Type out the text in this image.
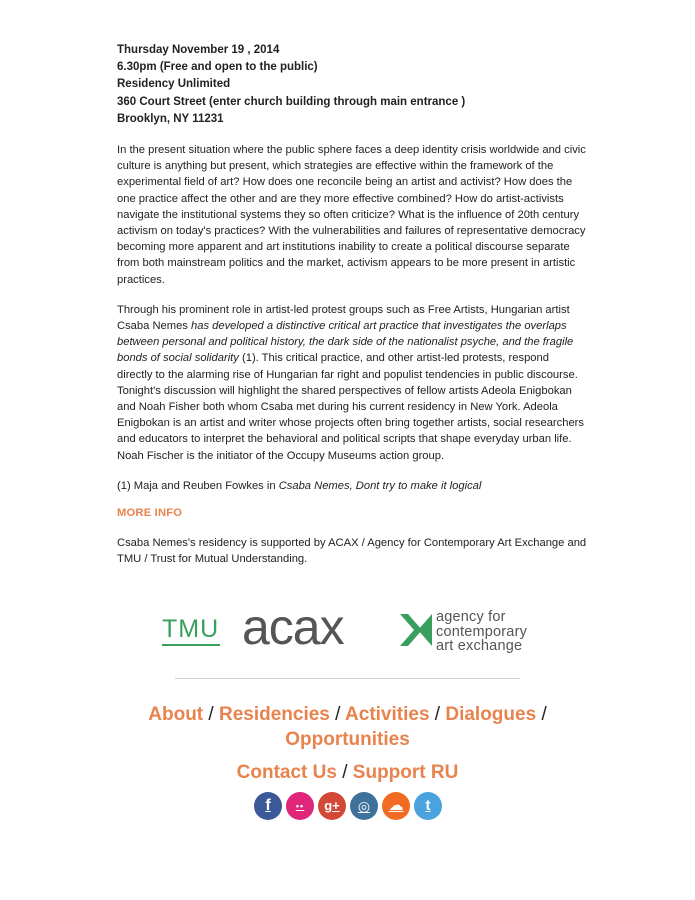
Thursday November 19 , 2014
6.30pm (Free and open to the public)
Residency Unlimited
360 Court Street (enter church building through main entrance )
Brooklyn, NY 11231

In the present situation where the public sphere faces a deep identity crisis worldwide and civic culture is anything but present, which strategies are effective within the framework of the experimental field of art? How does one reconcile being an artist and activist? How does the one practice affect the other and are they more effective combined? How do artist-activists navigate the institutional systems they so often criticize? What is the influence of 20th century activism on today's practices? With the vulnerabilities and failures of representative democracy becoming more apparent and art institutions inability to create a political discourse separate from both mainstream politics and the market, activism appears to be more present in artistic practices.

Through his prominent role in artist-led protest groups such as Free Artists, Hungarian artist Csaba Nemes has developed a distinctive critical art practice that investigates the overlaps between personal and political history, the dark side of the nationalist psyche, and the fragile bonds of social solidarity (1). This critical practice, and other artist-led protests, respond directly to the alarming rise of Hungarian far right and populist tendencies in public discourse. Tonight's discussion will highlight the shared perspectives of fellow artists Adeola Enigbokan and Noah Fisher both whom Csaba met during his current residency in New York. Adeola Enigbokan is an artist and writer whose projects often bring together artists, social researchers and educators to interpret the behavioral and political scripts that shape everyday urban life. Noah Fischer is the initiator of the Occupy Museums action group.

(1) Maja and Reuben Fowkes in Csaba Nemes, Dont try to make it logical

MORE INFO

Csaba Nemes's residency is supported by ACAX / Agency for Contemporary Art Exchange and TMU / Trust for Mutual Understanding.

TMU acax	agency for
contemporary
art exchange
About / Residencies / Activities / Dialogues /
Opportunities
Contact Us / Support RU
f	••	g+	◎	☁	t
